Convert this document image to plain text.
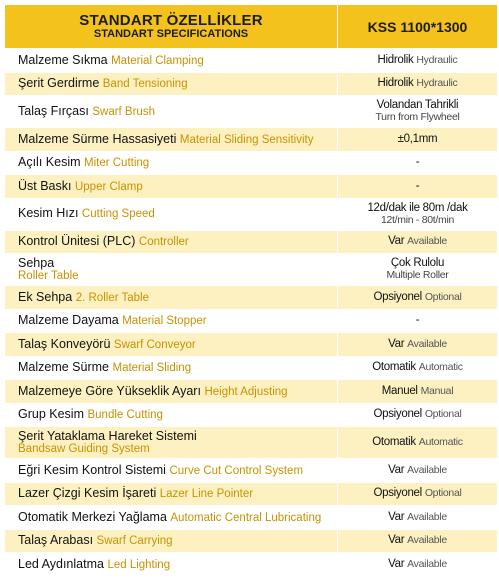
STANDART ÖZELLİKLER
STANDART SPECIFICATIONS	KSS 1100*1300
Malzeme Sıkma Material Clamping	Hidrolik Hydraulic
Şerit Gerdirme Band Tensioning	Hidrolik Hydraulic
Talaş Fırçası Swarf Brush	Volandan Tahrikli
Turn from Flywheel

Malzeme Sürme Hassasiyeti Material Sliding Sensitivity	±0,1mm
Açılı Kesim Miter Cutting	-
Üst Baskı Upper Clamp	-
Kesim Hızı Cutting Speed	12d/dak ile 80m /dak
12t/min - 80t/min

Kontrol Ünitesi (PLC) Controller	Var Available
Sehpa
Roller Table	Çok Rulolu
Multiple Roller

Ek Sehpa 2. Roller Table	Opsiyonel Optional
Malzeme Dayama Material Stopper	-
Talaş Konveyörü Swarf Conveyor	Var Available
Malzeme Sürme Material Sliding	Otomatik Automatic
Malzemeye Göre Yükseklik Ayarı Height Adjusting	Manuel Manual
Grup Kesim Bundle Cutting	Opsiyonel Optional
Şerit Yataklama Hareket Sistemi
Bandsaw Guiding System	Otomatik Automatic
Eğri Kesim Kontrol Sistemi Curve Cut Control System	Var Available
Lazer Çizgi Kesim İşareti Lazer Line Pointer	Opsiyonel Optional
Otomatik Merkezi Yağlama Automatic Central Lubricating	Var Available
Talaş Arabası Swarf Carrying	Var Available
Led Aydınlatma Led Lighting	Var Available
